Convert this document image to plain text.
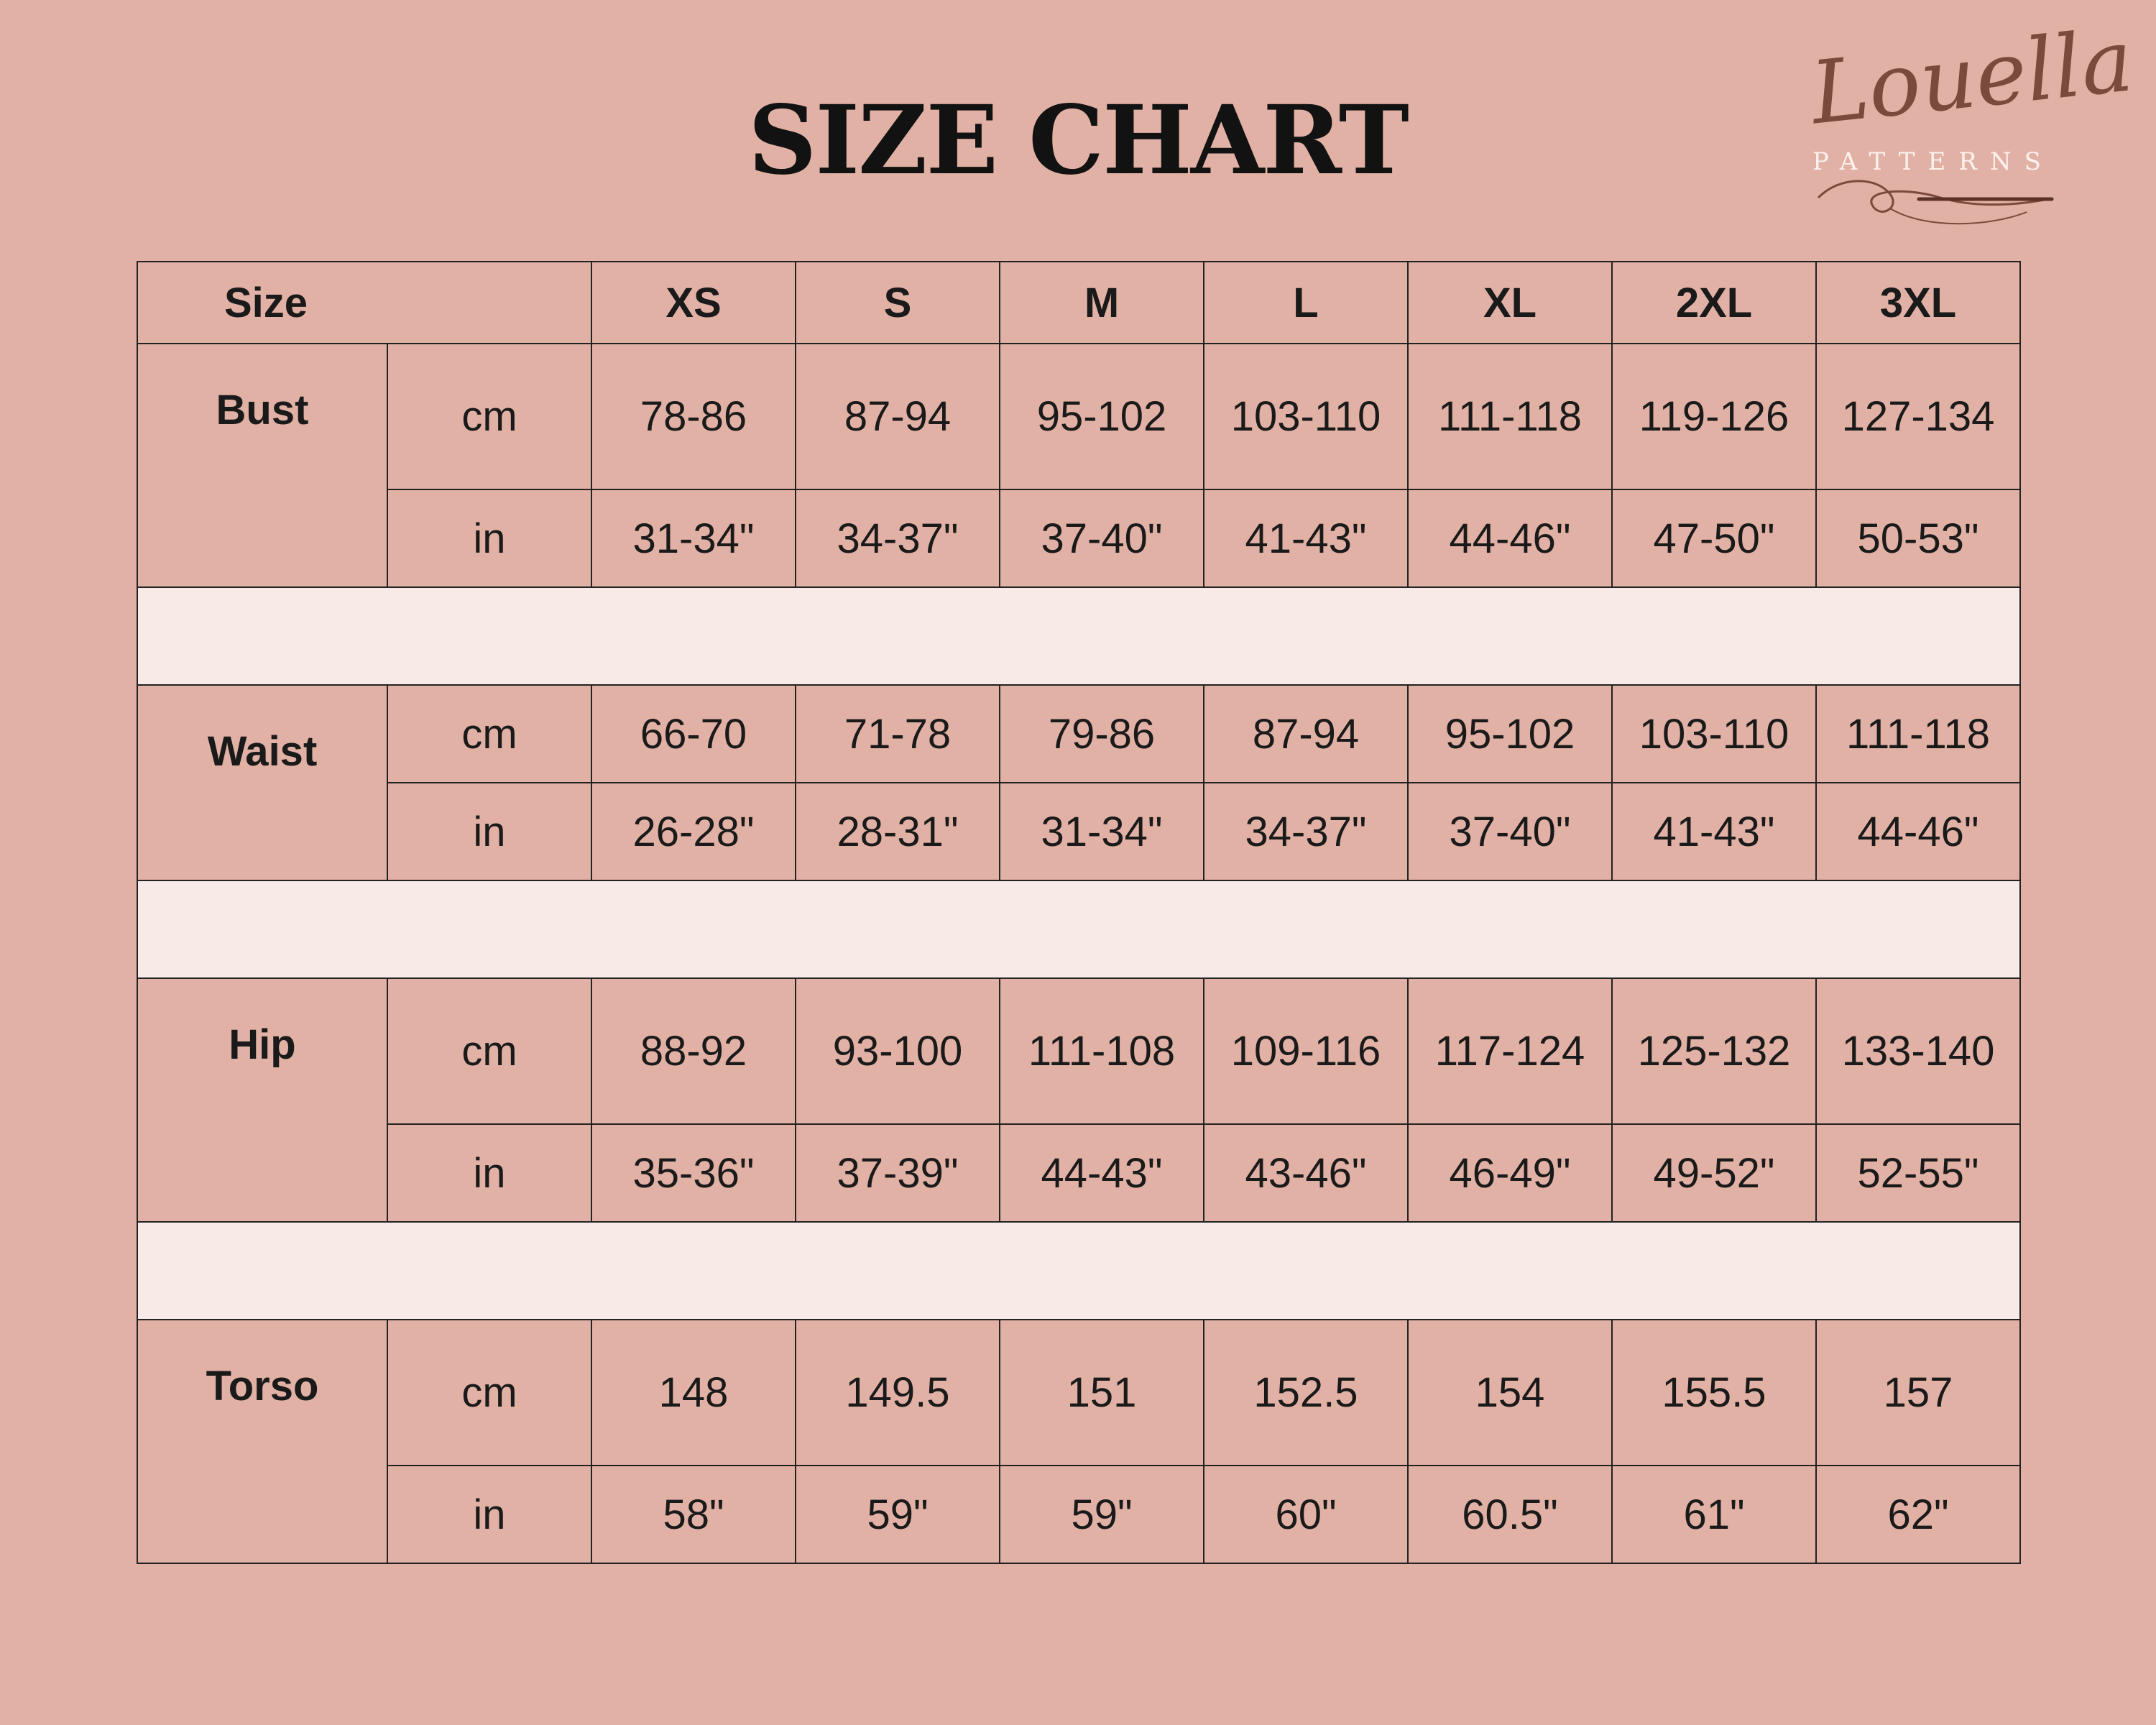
SIZE CHART	Louella
PATTERNS
Size		XS	S	M	L	XL	2XL	3XL

Bust	cm	78-86	87-94	95-102	103-110	111-118	119-126	127-134
	in	31-34"	34-37"	37-40"	41-43"	44-46"	47-50"	50-53"

Waist	cm	66-70	71-78	79-86	87-94	95-102	103-110	111-118
	in	26-28"	28-31"	31-34"	34-37"	37-40"	41-43"	44-46"

Hip	cm	88-92	93-100	111-108	109-116	117-124	125-132	133-140
	in	35-36"	37-39"	44-43"	43-46"	46-49"	49-52"	52-55"

Torso	cm	148	149.5	151	152.5	154	155.5	157
	in	58"	59"	59"	60"	60.5"	61"	62"
